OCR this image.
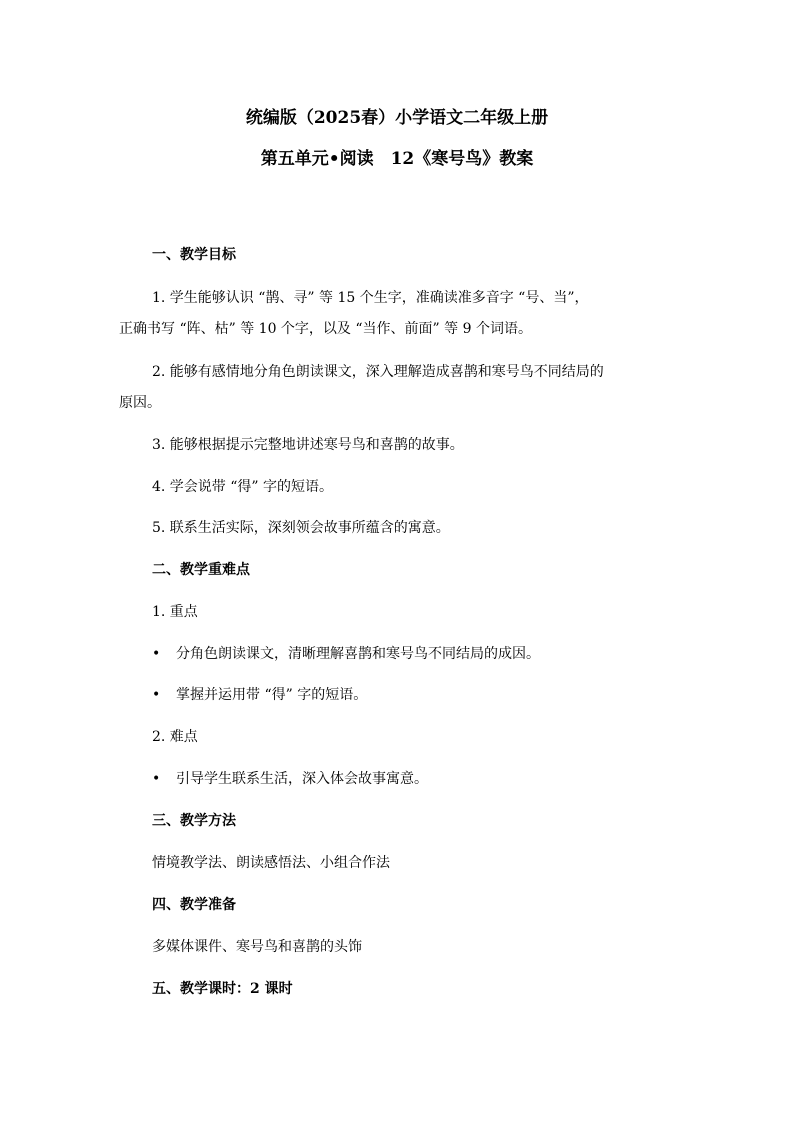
统编版（2025春）小学语文二年级上册
第五单元•阅读　12《寒号鸟》教案
一、教学目标
1. 学生能够认识 “鹊、寻” 等 15 个生字，准确读准多音字 “号、当”，
正确书写 “阵、枯” 等 10 个字，以及 “当作、前面” 等 9 个词语。
2. 能够有感情地分角色朗读课文，深入理解造成喜鹊和寒号鸟不同结局的
原因。
3. 能够根据提示完整地讲述寒号鸟和喜鹊的故事。
4. 学会说带 “得” 字的短语。
5. 联系生活实际，深刻领会故事所蕴含的寓意。
二、教学重难点
1. 重点
• 分角色朗读课文，清晰理解喜鹊和寒号鸟不同结局的成因。
• 掌握并运用带 “得” 字的短语。
2. 难点
• 引导学生联系生活，深入体会故事寓意。
三、教学方法
情境教学法、朗读感悟法、小组合作法
四、教学准备
多媒体课件、寒号鸟和喜鹊的头饰
五、教学课时：2 课时
